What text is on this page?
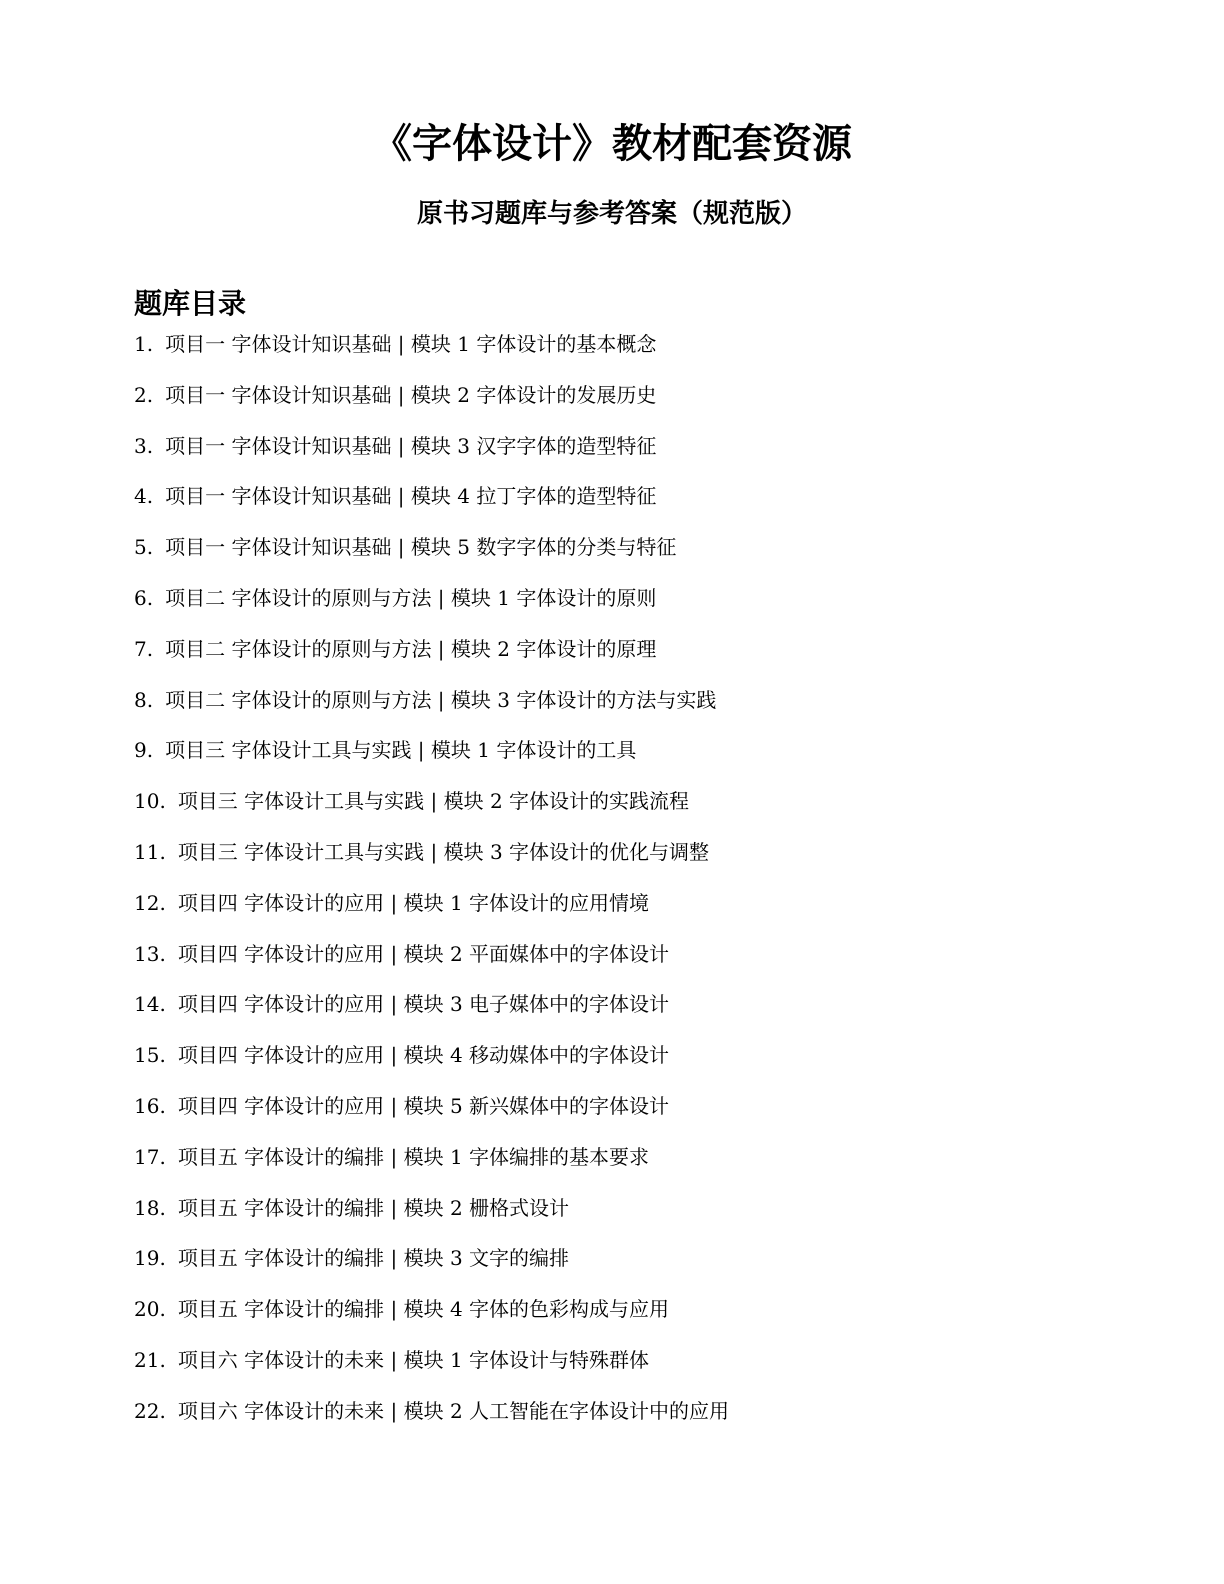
《字体设计》教材配套资源
原书习题库与参考答案（规范版）
题库目录
1. 项目一 字体设计知识基础 | 模块 1 字体设计的基本概念
2. 项目一 字体设计知识基础 | 模块 2 字体设计的发展历史
3. 项目一 字体设计知识基础 | 模块 3 汉字字体的造型特征
4. 项目一 字体设计知识基础 | 模块 4 拉丁字体的造型特征
5. 项目一 字体设计知识基础 | 模块 5 数字字体的分类与特征
6. 项目二 字体设计的原则与方法 | 模块 1 字体设计的原则
7. 项目二 字体设计的原则与方法 | 模块 2 字体设计的原理
8. 项目二 字体设计的原则与方法 | 模块 3 字体设计的方法与实践
9. 项目三 字体设计工具与实践 | 模块 1 字体设计的工具
10. 项目三 字体设计工具与实践 | 模块 2 字体设计的实践流程
11. 项目三 字体设计工具与实践 | 模块 3 字体设计的优化与调整
12. 项目四 字体设计的应用 | 模块 1 字体设计的应用情境
13. 项目四 字体设计的应用 | 模块 2 平面媒体中的字体设计
14. 项目四 字体设计的应用 | 模块 3 电子媒体中的字体设计
15. 项目四 字体设计的应用 | 模块 4 移动媒体中的字体设计
16. 项目四 字体设计的应用 | 模块 5 新兴媒体中的字体设计
17. 项目五 字体设计的编排 | 模块 1 字体编排的基本要求
18. 项目五 字体设计的编排 | 模块 2 栅格式设计
19. 项目五 字体设计的编排 | 模块 3 文字的编排
20. 项目五 字体设计的编排 | 模块 4 字体的色彩构成与应用
21. 项目六 字体设计的未来 | 模块 1 字体设计与特殊群体
22. 项目六 字体设计的未来 | 模块 2 人工智能在字体设计中的应用
